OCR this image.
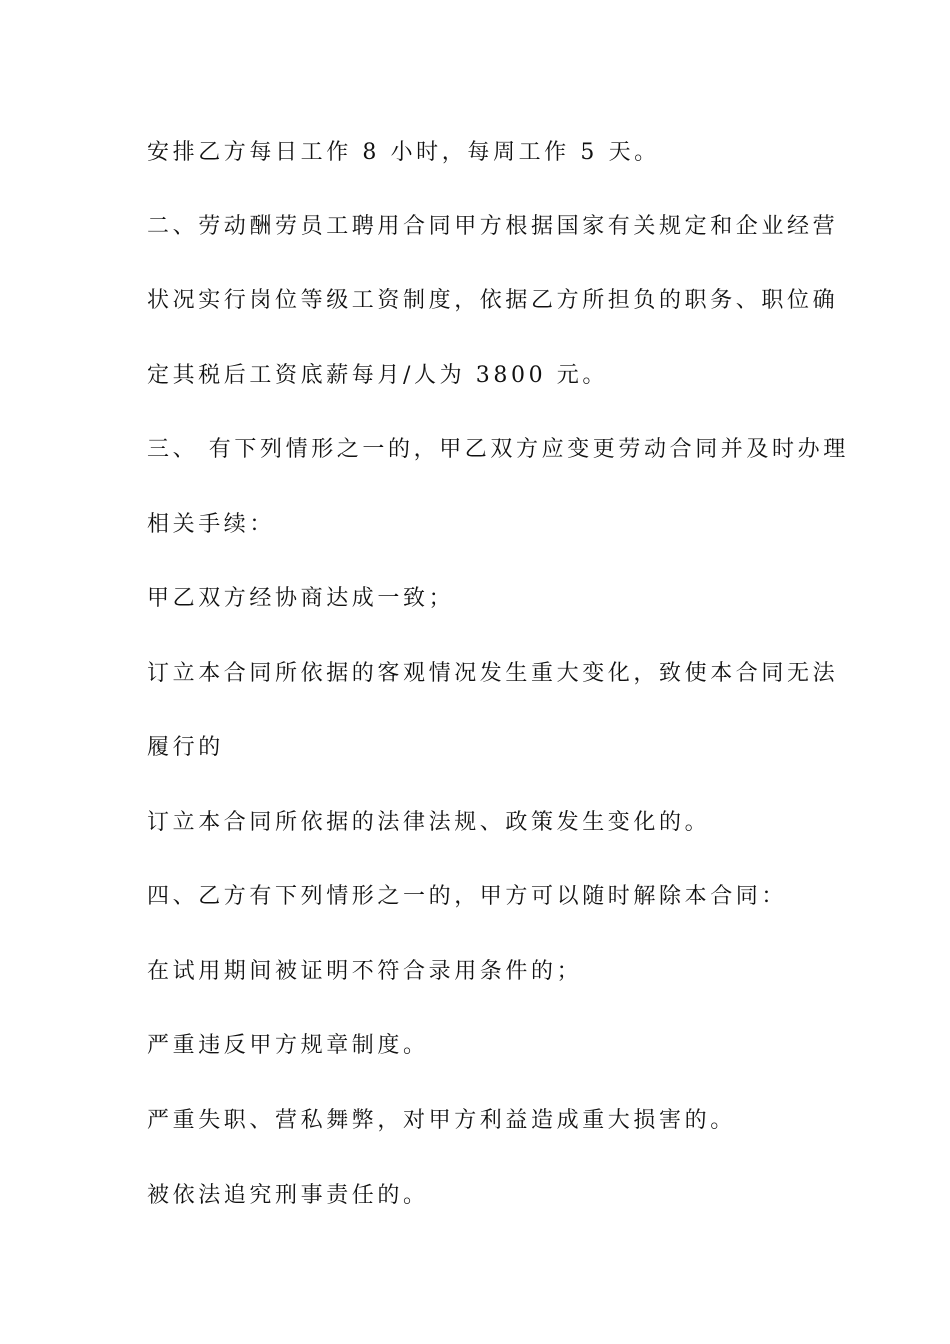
安排乙方每日工作 8 小时，每周工作 5 天。
二、劳动酬劳员工聘用合同甲方根据国家有关规定和企业经营
状况实行岗位等级工资制度，依据乙方所担负的职务、职位确
定其税后工资底薪每月/人为 3800 元。
三、 有下列情形之一的，甲乙双方应变更劳动合同并及时办理
相关手续：
甲乙双方经协商达成一致；
订立本合同所依据的客观情况发生重大变化，致使本合同无法
履行的
订立本合同所依据的法律法规、政策发生变化的。
四、乙方有下列情形之一的，甲方可以随时解除本合同：
在试用期间被证明不符合录用条件的；
严重违反甲方规章制度。
严重失职、营私舞弊，对甲方利益造成重大损害的。
被依法追究刑事责任的。
